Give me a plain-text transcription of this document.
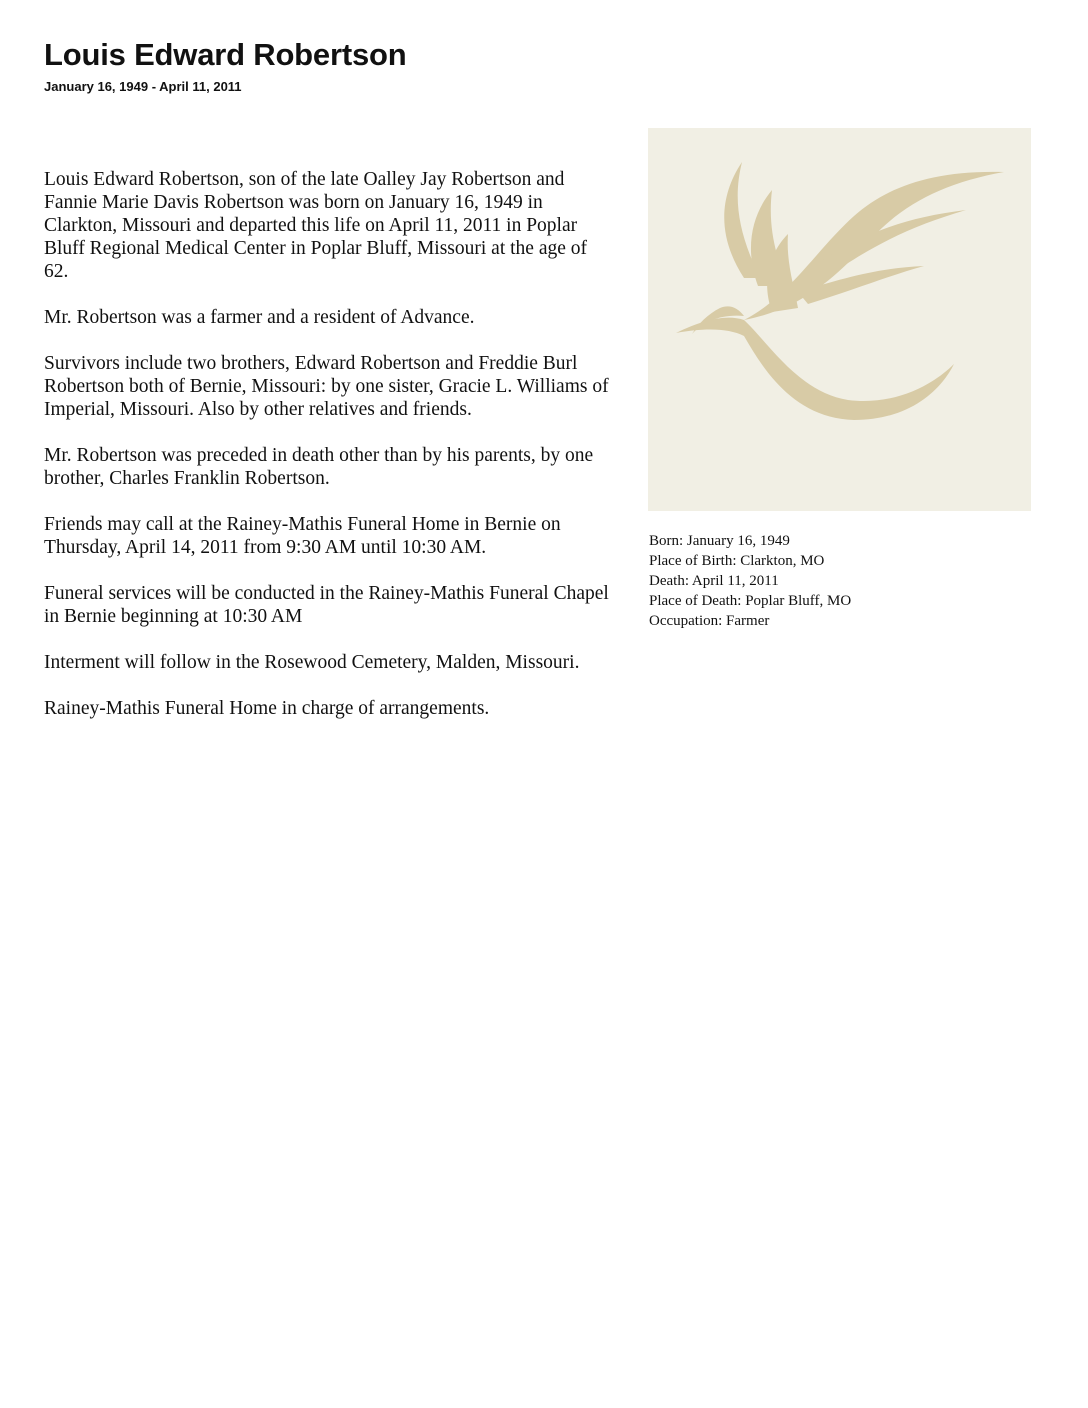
Louis Edward Robertson
January 16, 1949 - April 11, 2011

Louis Edward Robertson, son of the late Oalley Jay Robertson and Fannie Marie Davis Robertson was born on January 16, 1949 in Clarkton, Missouri and departed this life on April 11, 2011 in Poplar Bluff Regional Medical Center in Poplar Bluff, Missouri at the age of 62.

Mr. Robertson was a farmer and a resident of Advance.

Survivors include two brothers, Edward Robertson and Freddie Burl Robertson both of Bernie, Missouri: by one sister, Gracie L. Williams of Imperial, Missouri. Also by other relatives and friends.

Mr. Robertson was preceded in death other than by his parents, by one brother, Charles Franklin Robertson.

Friends may call at the Rainey-Mathis Funeral Home in Bernie on Thursday, April 14, 2011 from 9:30 AM until 10:30 AM.

Funeral services will be conducted in the Rainey-Mathis Funeral Chapel in Bernie beginning at 10:30 AM

Interment will follow in the Rosewood Cemetery, Malden, Missouri.

Rainey-Mathis Funeral Home in charge of arrangements.

Born: January 16, 1949
Place of Birth: Clarkton, MO
Death: April 11, 2011
Place of Death: Poplar Bluff, MO
Occupation: Farmer
